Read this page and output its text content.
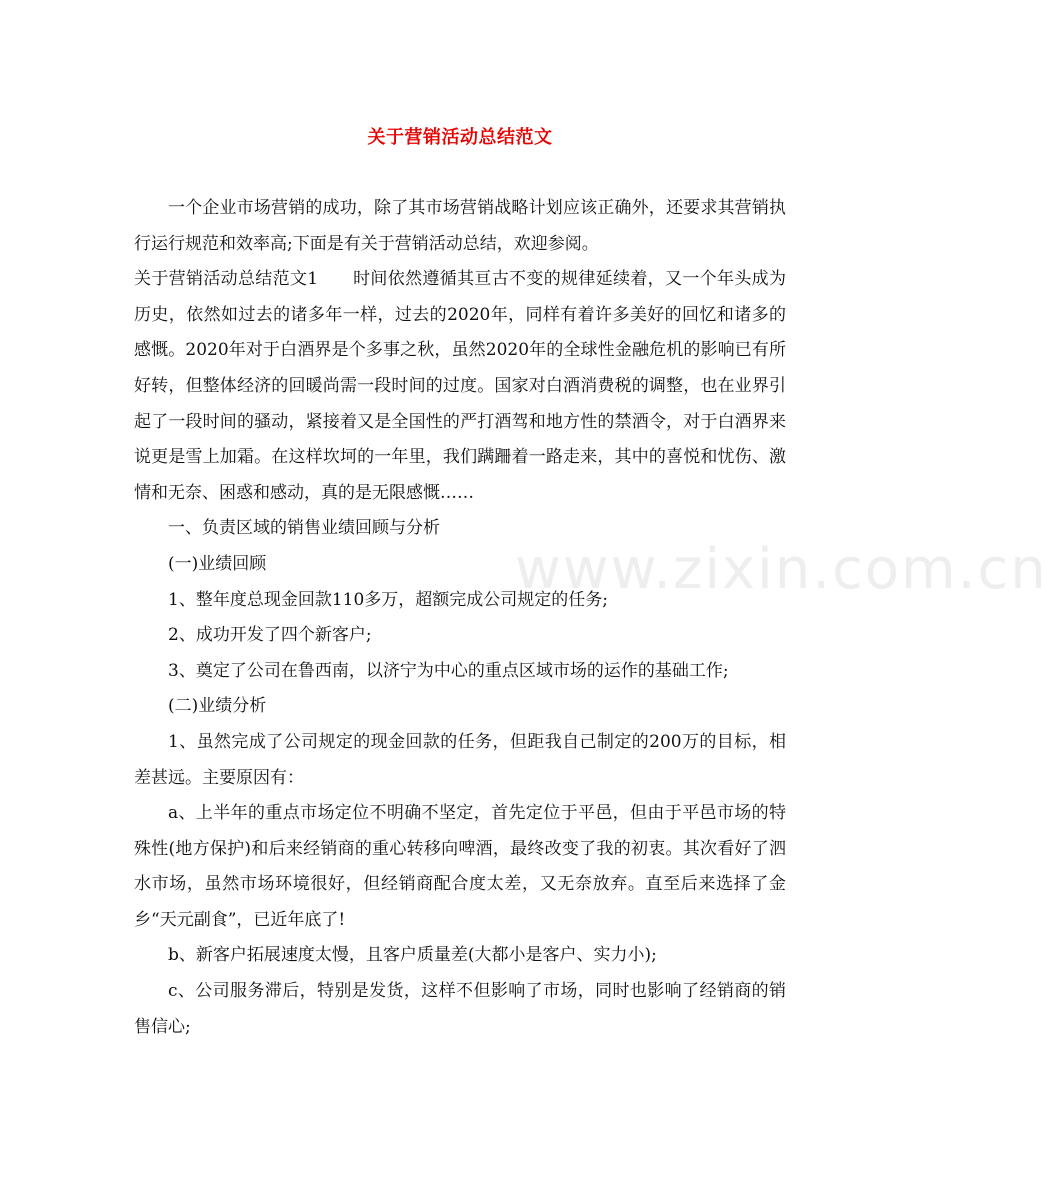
www.zixin.com.cn
关于营销活动总结范文

一个企业市场营销的成功，除了其市场营销战略计划应该正确外，还要求其营销执行运行规范和效率高;下面是有关于营销活动总结，欢迎参阅。

关于营销活动总结范文1　　时间依然遵循其亘古不变的规律延续着，又一个年头成为历史，依然如过去的诸多年一样，过去的2020年，同样有着许多美好的回忆和诸多的感慨。2020年对于白酒界是个多事之秋，虽然2020年的全球性金融危机的影响已有所好转，但整体经济的回暖尚需一段时间的过度。国家对白酒消费税的调整，也在业界引起了一段时间的骚动，紧接着又是全国性的严打酒驾和地方性的禁酒令，对于白酒界来说更是雪上加霜。在这样坎坷的一年里，我们蹒跚着一路走来，其中的喜悦和忧伤、激情和无奈、困惑和感动，真的是无限感慨……

一、负责区域的销售业绩回顾与分析

(一)业绩回顾

1、整年度总现金回款110多万，超额完成公司规定的任务;

2、成功开发了四个新客户;

3、奠定了公司在鲁西南，以济宁为中心的重点区域市场的运作的基础工作;

(二)业绩分析

1、虽然完成了公司规定的现金回款的任务，但距我自己制定的200万的目标，相差甚远。主要原因有：

a、上半年的重点市场定位不明确不坚定，首先定位于平邑，但由于平邑市场的特殊性(地方保护)和后来经销商的重心转移向啤酒，最终改变了我的初衷。其次看好了泗水市场，虽然市场环境很好，但经销商配合度太差，又无奈放弃。直至后来选择了金乡“天元副食”，已近年底了!

b、新客户拓展速度太慢，且客户质量差(大都小是客户、实力小);

c、公司服务滞后，特别是发货，这样不但影响了市场，同时也影响了经销商的销售信心;
